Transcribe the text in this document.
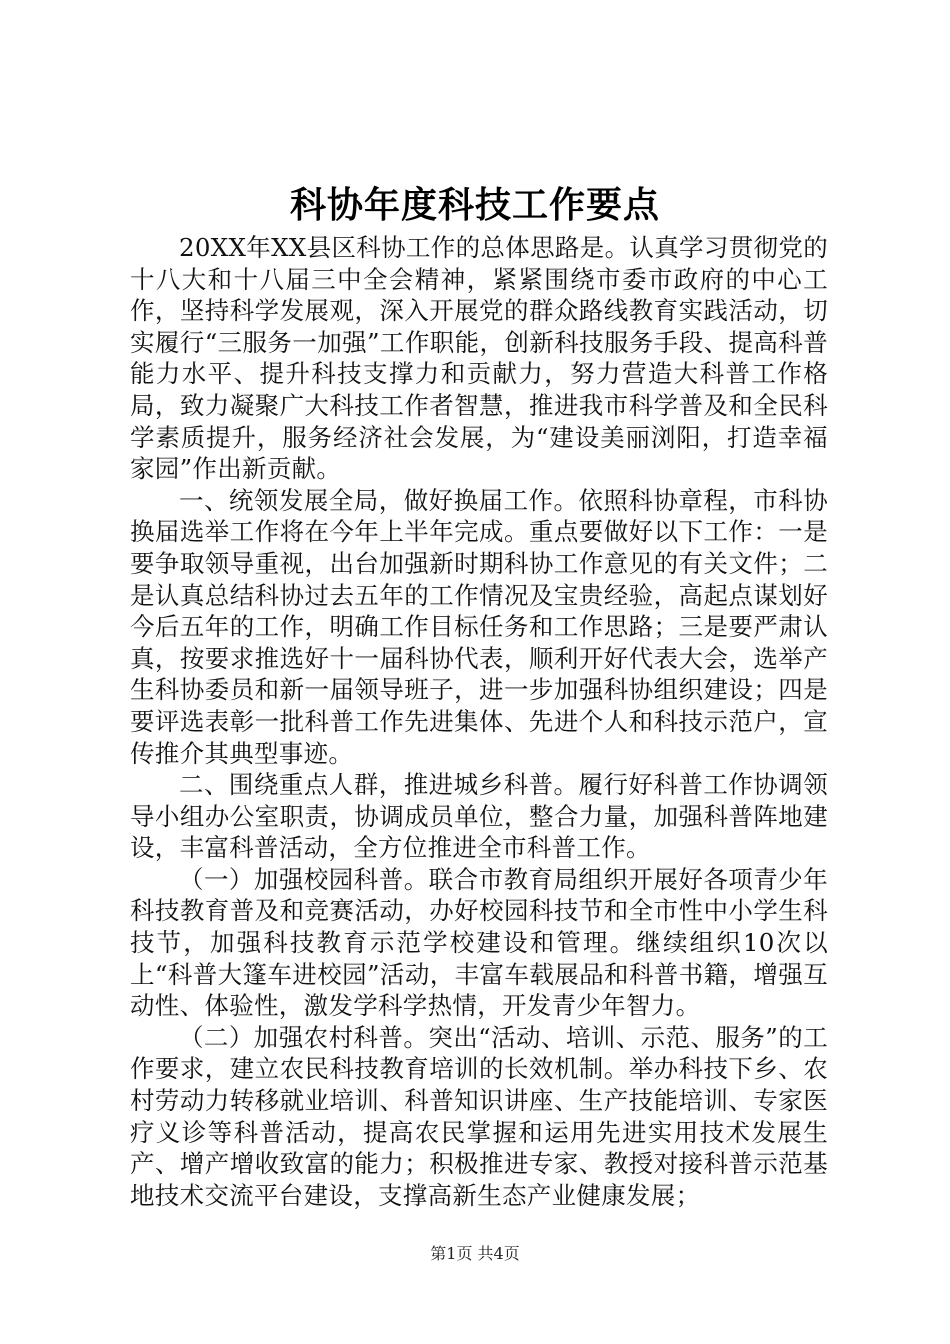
科协年度科技工作要点

20XX年XX县区科协工作的总体思路是。认真学习贯彻党的十八大和十八届三中全会精神，紧紧围绕市委市政府的中心工作，坚持科学发展观，深入开展党的群众路线教育实践活动，切实履行“三服务一加强”工作职能，创新科技服务手段、提高科普能力水平、提升科技支撑力和贡献力，努力营造大科普工作格局，致力凝聚广大科技工作者智慧，推进我市科学普及和全民科学素质提升，服务经济社会发展，为“建设美丽浏阳，打造幸福家园”作出新贡献。

一、统领发展全局，做好换届工作。依照科协章程，市科协换届选举工作将在今年上半年完成。重点要做好以下工作：一是要争取领导重视，出台加强新时期科协工作意见的有关文件；二是认真总结科协过去五年的工作情况及宝贵经验，高起点谋划好今后五年的工作，明确工作目标任务和工作思路；三是要严肃认真，按要求推选好十一届科协代表，顺利开好代表大会，选举产生科协委员和新一届领导班子，进一步加强科协组织建设；四是要评选表彰一批科普工作先进集体、先进个人和科技示范户，宣传推介其典型事迹。

二、围绕重点人群，推进城乡科普。履行好科普工作协调领导小组办公室职责，协调成员单位，整合力量，加强科普阵地建设，丰富科普活动，全方位推进全市科普工作。

（一）加强校园科普。联合市教育局组织开展好各项青少年科技教育普及和竞赛活动，办好校园科技节和全市性中小学生科技节，加强科技教育示范学校建设和管理。继续组织10次以上“科普大篷车进校园”活动，丰富车载展品和科普书籍，增强互动性、体验性，激发学科学热情，开发青少年智力。

（二）加强农村科普。突出“活动、培训、示范、服务”的工作要求，建立农民科技教育培训的长效机制。举办科技下乡、农村劳动力转移就业培训、科普知识讲座、生产技能培训、专家医疗义诊等科普活动，提高农民掌握和运用先进实用技术发展生产、增产增收致富的能力；积极推进专家、教授对接科普示范基地技术交流平台建设，支撑高新生态产业健康发展；

第1页 共4页
